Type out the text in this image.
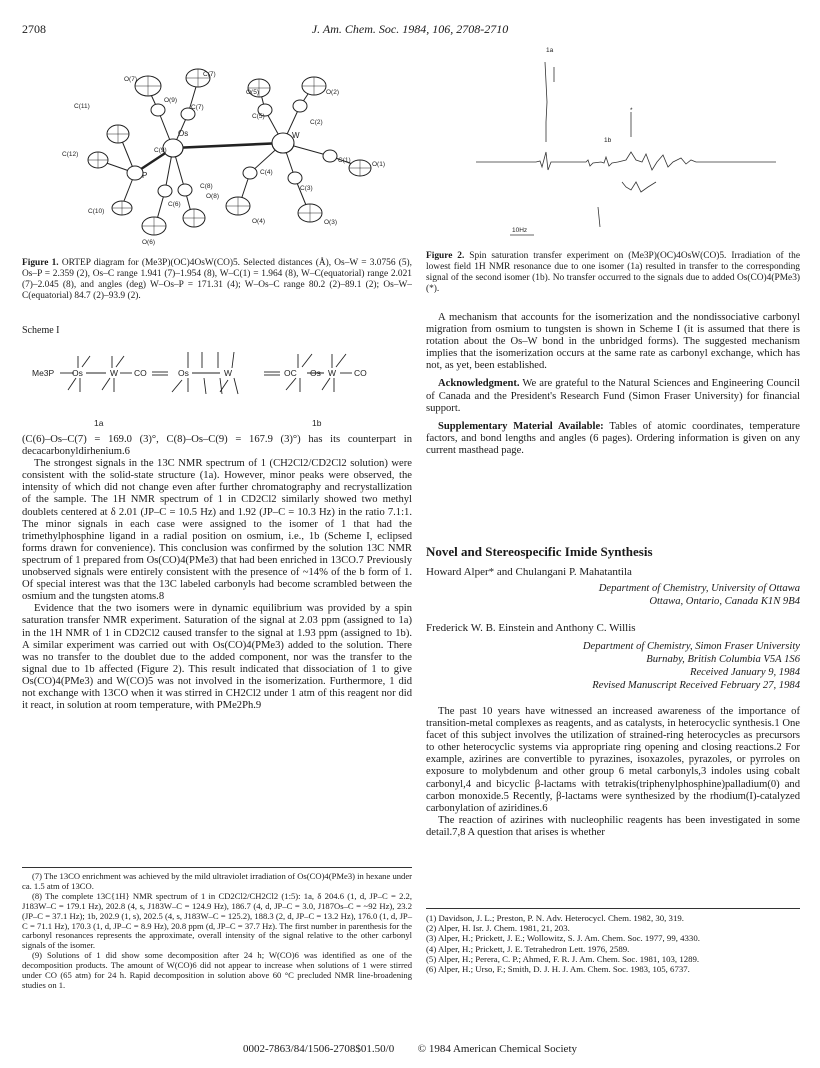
2708	J. Am. Chem. Soc. 1984, 106, 2708-2710
C(7)
O(5)
O(9)
O(7)
C(11)
O(2)
C(5)
C(7)
C(2)
Os	W
C(9)
C(12)
P
C(1)
O(1)
C(4)
C(8)
O(8)
C(3)
C(10)
C(6)
O(4)	O(3)
O(6)
Figure 1. ORTEP diagram for (Me3P)(OC)4OsW(CO)5. Selected distances (Å), Os–W = 3.0756 (5), Os–P = 2.359 (2), Os–C range 1.941 (7)–1.954 (8), W–C(1) = 1.964 (8), W–C(equatorial) range 2.021 (7)–2.045 (8), and angles (deg) W–Os–P = 171.31 (4); W–Os–C range 80.2 (2)–89.1 (2); Os–W–C(equatorial) 84.7 (2)–93.9 (2).
Scheme I
Me3P Os	W CO	Os	W	OC Os W CO
1a	1b

(C(6)–Os–C(7) = 169.0 (3)°, C(8)–Os–C(9) = 167.9 (3)°) has its counterpart in decacarbonyldirhenium.6

The strongest signals in the 13C NMR spectrum of 1 (CH2Cl2/CD2Cl2 solution) were consistent with the solid-state structure (1a). However, minor peaks were observed, the intensity of which did not change even after further chromatography and recrystallization of the sample. The 1H NMR spectrum of 1 in CD2Cl2 similarly showed two methyl doublets centered at δ 2.01 (JP–C = 10.5 Hz) and 1.92 (JP–C = 10.3 Hz) in the ratio 7.1:1. The minor signals in each case were assigned to the isomer of 1 that had the trimethylphosphine ligand in a radial position on osmium, i.e., 1b (Scheme I, eclipsed forms drawn for convenience). This conclusion was confirmed by the solution 13C NMR spectrum of 1 prepared from Os(CO)4(PMe3) that had been enriched in 13CO.7 Previously unobserved signals were entirely consistent with the presence of ~14% of the b form of 1. Of special interest was that the 13C labeled carbonyls had become scrambled between the osmium and the tungsten atoms.8

Evidence that the two isomers were in dynamic equilibrium was provided by a spin saturation transfer NMR experiment. Saturation of the signal at 2.03 ppm (assigned to 1a) in the 1H NMR of 1 in CD2Cl2 caused transfer to the signal at 1.93 ppm (assigned to 1b). A similar experiment was carried out with Os(CO)4(PMe3) added to the solution. There was no transfer to the doublet due to the added component, nor was the transfer to the signal due to 1b affected (Figure 2). This result indicated that dissociation of 1 to give Os(CO)4(PMe3) and W(CO)5 was not involved in the isomerization. Furthermore, 1 did not exchange with 13CO when it was stirred in CH2Cl2 under 1 atm of this reagent nor did it react, in solution at room temperature, with PMe2Ph.9

(7) The 13CO enrichment was achieved by the mild ultraviolet irradiation of Os(CO)4(PMe3) in hexane under ca. 1.5 atm of 13CO.

(8) The complete 13C{1H} NMR spectrum of 1 in CD2Cl2/CH2Cl2 (1:5): 1a, δ 204.6 (1, d, JP–C = 2.2, J183W–C = 179.1 Hz), 202.8 (4, s, J183W–C = 124.9 Hz), 186.7 (4, d, JP–C = 3.0, J187Os–C = ~92 Hz), 23.2 (JP–C = 37.1 Hz); 1b, 202.9 (1, s), 202.5 (4, s, J183W–C = 125.2), 188.3 (2, d, JP–C = 13.2 Hz), 176.0 (1, d, JP–C = 71.1 Hz), 170.3 (1, d, JP–C = 8.9 Hz), 20.8 ppm (d, JP–C = 37.7 Hz). The first number in parenthesis for the carbonyl resonances represents the approximate, overall intensity of the signal relative to the other carbonyl signals of the isomer.

(9) Solutions of 1 did show some decomposition after 24 h; W(CO)6 was identified as one of the decomposition products. The amount of W(CO)6 did not appear to increase when solutions of 1 were stirred under CO (65 atm) for 24 h. Rapid decomposition in solution above 60 °C precluded NMR line-broadening studies on 1.

1a
1b
*
10Hz
Figure 2. Spin saturation transfer experiment on (Me3P)(OC)4OsW(CO)5. Irradiation of the lowest field 1H NMR resonance due to one isomer (1a) resulted in transfer to the corresponding signal of the second isomer (1b). No transfer occurred to the signals due to added Os(CO)4(PMe3) (*).

A mechanism that accounts for the isomerization and the nondissociative carbonyl migration from osmium to tungsten is shown in Scheme I (it is assumed that there is rotation about the Os–W bond in the unbridged forms). The suggested mechanism implies that the isomerization occurs at the same rate as carbonyl exchange, which has not, as yet, been established.

Acknowledgment. We are grateful to the Natural Sciences and Engineering Council of Canada and the President's Research Fund (Simon Fraser University) for financial support.

Supplementary Material Available: Tables of atomic coordinates, temperature factors, and bond lengths and angles (6 pages). Ordering information is given on any current masthead page.

Novel and Stereospecific Imide Synthesis
Howard Alper* and Chulangani P. Mahatantila
Department of Chemistry, University of Ottawa
Ottawa, Ontario, Canada K1N 9B4
Frederick W. B. Einstein and Anthony C. Willis
Department of Chemistry, Simon Fraser University
Burnaby, British Columbia V5A 1S6
Received January 9, 1984
Revised Manuscript Received February 27, 1984

The past 10 years have witnessed an increased awareness of the importance of transition-metal complexes as reagents, and as catalysts, in heterocyclic synthesis.1 One facet of this subject involves the utilization of strained-ring heterocycles as precursors to other heterocyclic systems via appropriate ring opening and closing reactions.2 For example, azirines are convertible to pyrazines, isoxazoles, pyrazoles, or pyrroles on exposure to molybdenum and other group 6 metal carbonyls,3 indoles using cobalt carbonyl,4 and bicyclic β-lactams with tetrakis(triphenylphosphine)palladium(0) and carbon monoxide.5 Recently, β-lactams were synthesized by the rhodium(I)-catalyzed carbonylation of aziridines.6

The reaction of azirines with nucleophilic reagents has been investigated in some detail.7,8 A question that arises is whether

(1) Davidson, J. L.; Preston, P. N. Adv. Heterocycl. Chem. 1982, 30, 319.
(2) Alper, H. Isr. J. Chem. 1981, 21, 203.
(3) Alper, H.; Prickett, J. E.; Wollowitz, S. J. Am. Chem. Soc. 1977, 99, 4330.
(4) Alper, H.; Prickett, J. E. Tetrahedron Lett. 1976, 2589.
(5) Alper, H.; Perera, C. P.; Ahmed, F. R. J. Am. Chem. Soc. 1981, 103, 1289.
(6) Alper, H.; Urso, F.; Smith, D. J. H. J. Am. Chem. Soc. 1983, 105, 6737.
0002-7863/84/1506-2708$01.50/0 © 1984 American Chemical Society
